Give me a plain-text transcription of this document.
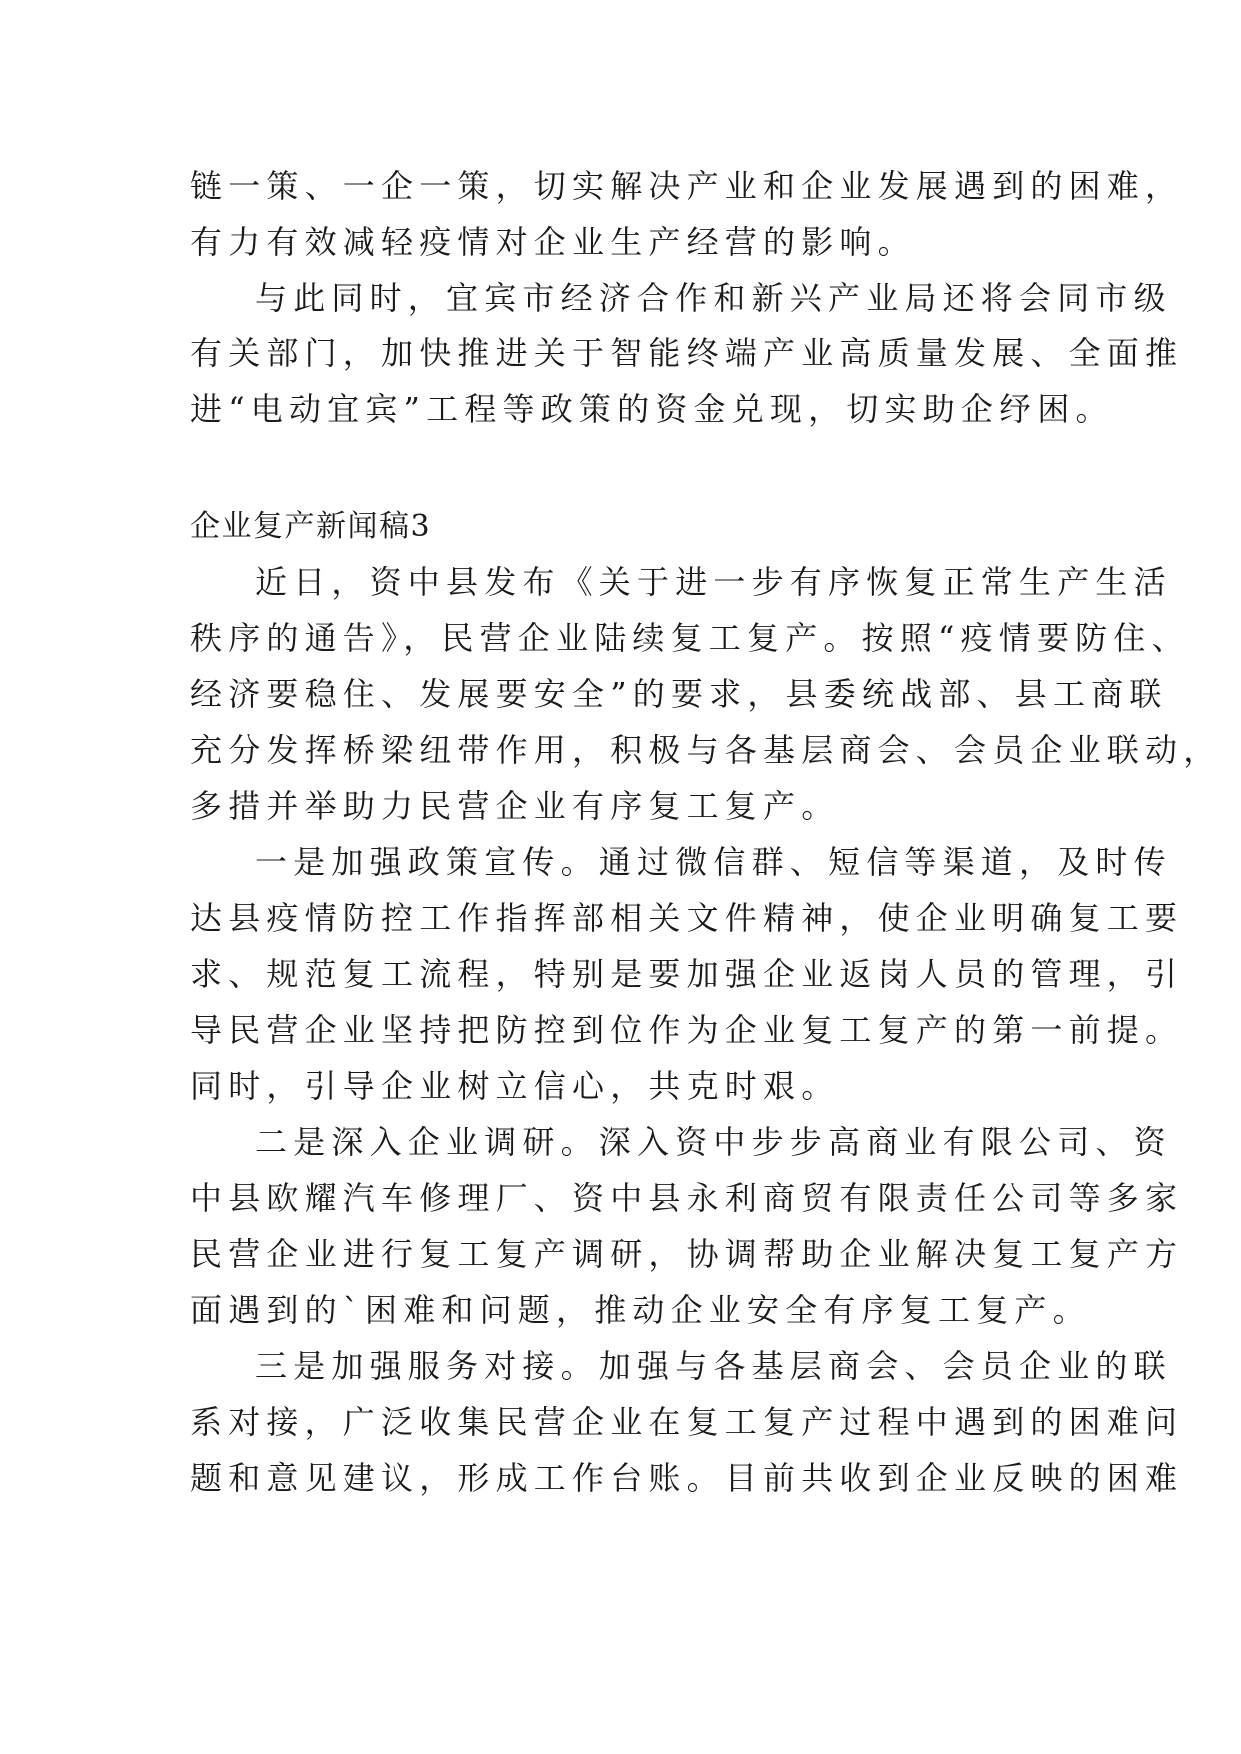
链一策、一企一策，切实解决产业和企业发展遇到的困难，

有力有效减轻疫情对企业生产经营的影响。

与此同时，宜宾市经济合作和新兴产业局还将会同市级

有关部门，加快推进关于智能终端产业高质量发展、全面推

进“电动宜宾”工程等政策的资金兑现，切实助企纾困。

企业复产新闻稿3

近日，资中县发布《关于进一步有序恢复正常生产生活

秩序的通告》，民营企业陆续复工复产。按照“疫情要防住、

经济要稳住、发展要安全”的要求，县委统战部、县工商联

充分发挥桥梁纽带作用，积极与各基层商会、会员企业联动，

多措并举助力民营企业有序复工复产。

一是加强政策宣传。通过微信群、短信等渠道，及时传

达县疫情防控工作指挥部相关文件精神，使企业明确复工要

求、规范复工流程，特别是要加强企业返岗人员的管理，引

导民营企业坚持把防控到位作为企业复工复产的第一前提。

同时，引导企业树立信心，共克时艰。

二是深入企业调研。深入资中步步高商业有限公司、资

中县欧耀汽车修理厂、资中县永利商贸有限责任公司等多家

民营企业进行复工复产调研，协调帮助企业解决复工复产方

面遇到的`困难和问题，推动企业安全有序复工复产。

三是加强服务对接。加强与各基层商会、会员企业的联

系对接，广泛收集民营企业在复工复产过程中遇到的困难问

题和意见建议，形成工作台账。目前共收到企业反映的困难
